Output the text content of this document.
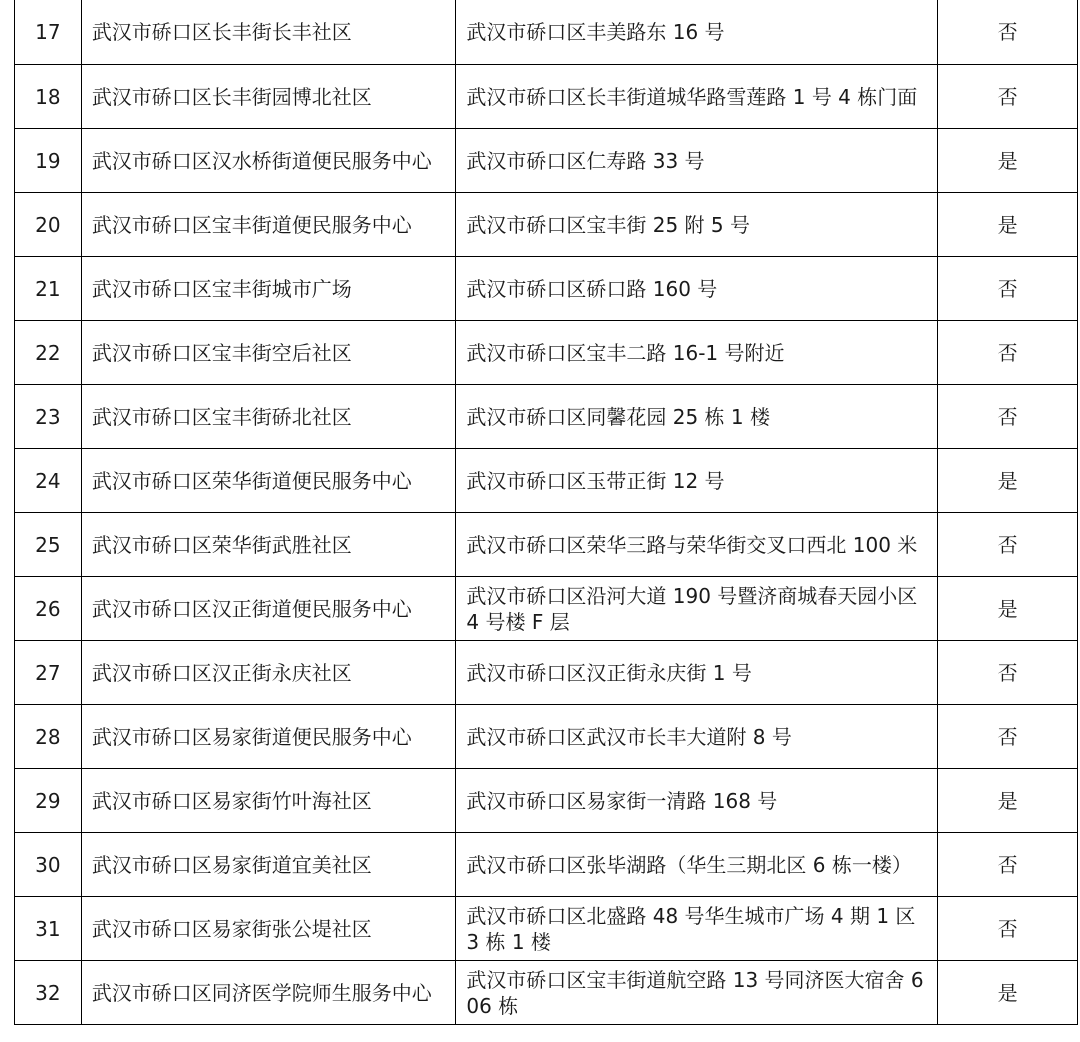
17	武汉市硚口区长丰街长丰社区	武汉市硚口区丰美路东 16 号	否
18	武汉市硚口区长丰街园博北社区	武汉市硚口区长丰街道城华路雪莲路 1 号 4 栋门面	否
19	武汉市硚口区汉水桥街道便民服务中心	武汉市硚口区仁寿路 33 号	是
20	武汉市硚口区宝丰街道便民服务中心	武汉市硚口区宝丰街 25 附 5 号	是
21	武汉市硚口区宝丰街城市广场	武汉市硚口区硚口路 160 号	否
22	武汉市硚口区宝丰街空后社区	武汉市硚口区宝丰二路 16-1 号附近	否
23	武汉市硚口区宝丰街硚北社区	武汉市硚口区同馨花园 25 栋 1 楼	否
24	武汉市硚口区荣华街道便民服务中心	武汉市硚口区玉带正街 12 号	是
25	武汉市硚口区荣华街武胜社区	武汉市硚口区荣华三路与荣华街交叉口西北 100 米	否
26	武汉市硚口区汉正街道便民服务中心	武汉市硚口区沿河大道 190 号暨济商城春天园小区 4 号楼 F 层	是
27	武汉市硚口区汉正街永庆社区	武汉市硚口区汉正街永庆街 1 号	否
28	武汉市硚口区易家街道便民服务中心	武汉市硚口区武汉市长丰大道附 8 号	否
29	武汉市硚口区易家街竹叶海社区	武汉市硚口区易家街一清路 168 号	是
30	武汉市硚口区易家街道宜美社区	武汉市硚口区张毕湖路（华生三期北区 6 栋一楼）	否
31	武汉市硚口区易家街张公堤社区	武汉市硚口区北盛路 48 号华生城市广场 4 期 1 区 3 栋 1 楼	否
32	武汉市硚口区同济医学院师生服务中心	武汉市硚口区宝丰街道航空路 13 号同济医大宿舍 606 栋	是
